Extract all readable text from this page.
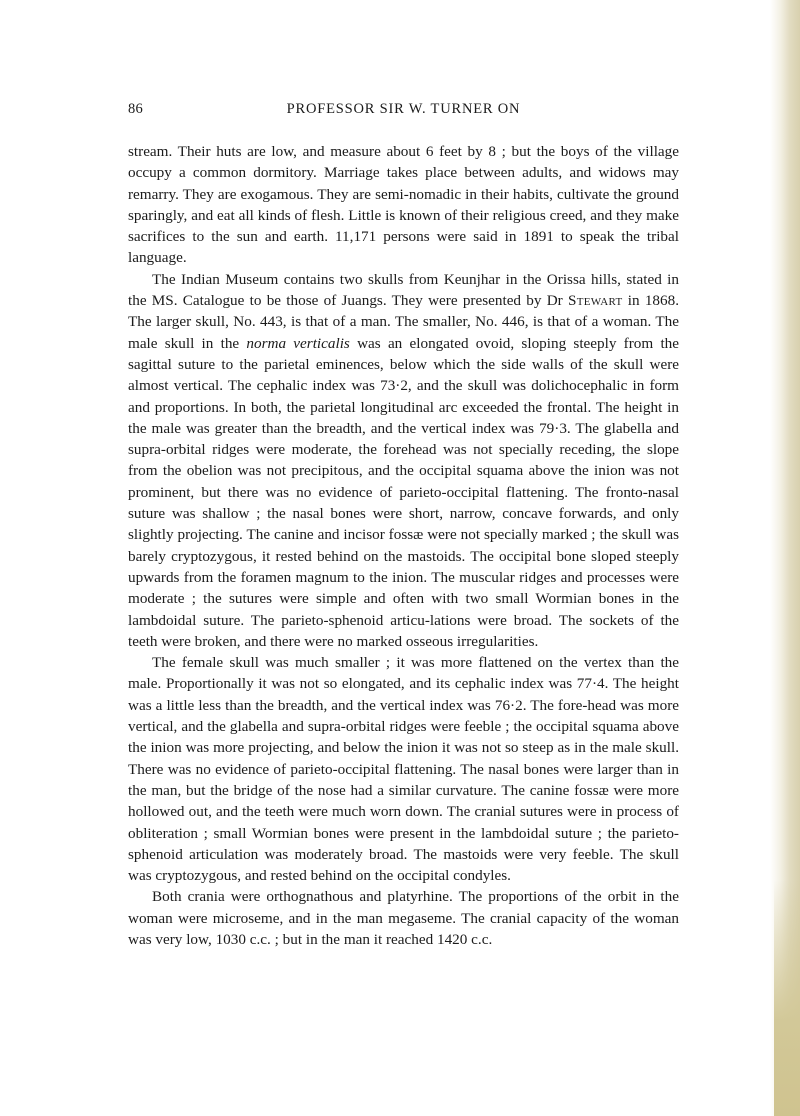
86	PROFESSOR SIR W. TURNER ON

stream. Their huts are low, and measure about 6 feet by 8 ; but the boys of the village occupy a common dormitory. Marriage takes place between adults, and widows may remarry. They are exogamous. They are semi-nomadic in their habits, cultivate the ground sparingly, and eat all kinds of flesh. Little is known of their religious creed, and they make sacrifices to the sun and earth. 11,171 persons were said in 1891 to speak the tribal language.

The Indian Museum contains two skulls from Keunjhar in the Orissa hills, stated in the MS. Catalogue to be those of Juangs. They were presented by Dr Stewart in 1868. The larger skull, No. 443, is that of a man. The smaller, No. 446, is that of a woman. The male skull in the norma verticalis was an elongated ovoid, sloping steeply from the sagittal suture to the parietal eminences, below which the side walls of the skull were almost vertical. The cephalic index was 73·2, and the skull was dolichocephalic in form and proportions. In both, the parietal longitudinal arc exceeded the frontal. The height in the male was greater than the breadth, and the vertical index was 79·3. The glabella and supra-orbital ridges were moderate, the forehead was not specially receding, the slope from the obelion was not precipitous, and the occipital squama above the inion was not prominent, but there was no evidence of parieto-occipital flattening. The fronto-nasal suture was shallow ; the nasal bones were short, narrow, concave forwards, and only slightly projecting. The canine and incisor fossæ were not specially marked ; the skull was barely cryptozygous, it rested behind on the mastoids. The occipital bone sloped steeply upwards from the foramen magnum to the inion. The muscular ridges and processes were moderate ; the sutures were simple and often with two small Wormian bones in the lambdoidal suture. The parieto-sphenoid articu-lations were broad. The sockets of the teeth were broken, and there were no marked osseous irregularities.

The female skull was much smaller ; it was more flattened on the vertex than the male. Proportionally it was not so elongated, and its cephalic index was 77·4. The height was a little less than the breadth, and the vertical index was 76·2. The fore-head was more vertical, and the glabella and supra-orbital ridges were feeble ; the occipital squama above the inion was more projecting, and below the inion it was not so steep as in the male skull. There was no evidence of parieto-occipital flattening. The nasal bones were larger than in the man, but the bridge of the nose had a similar curvature. The canine fossæ were more hollowed out, and the teeth were much worn down. The cranial sutures were in process of obliteration ; small Wormian bones were present in the lambdoidal suture ; the parieto-sphenoid articulation was moderately broad. The mastoids were very feeble. The skull was cryptozygous, and rested behind on the occipital condyles.

Both crania were orthognathous and platyrhine. The proportions of the orbit in the woman were microseme, and in the man megaseme. The cranial capacity of the woman was very low, 1030 c.c. ; but in the man it reached 1420 c.c.
